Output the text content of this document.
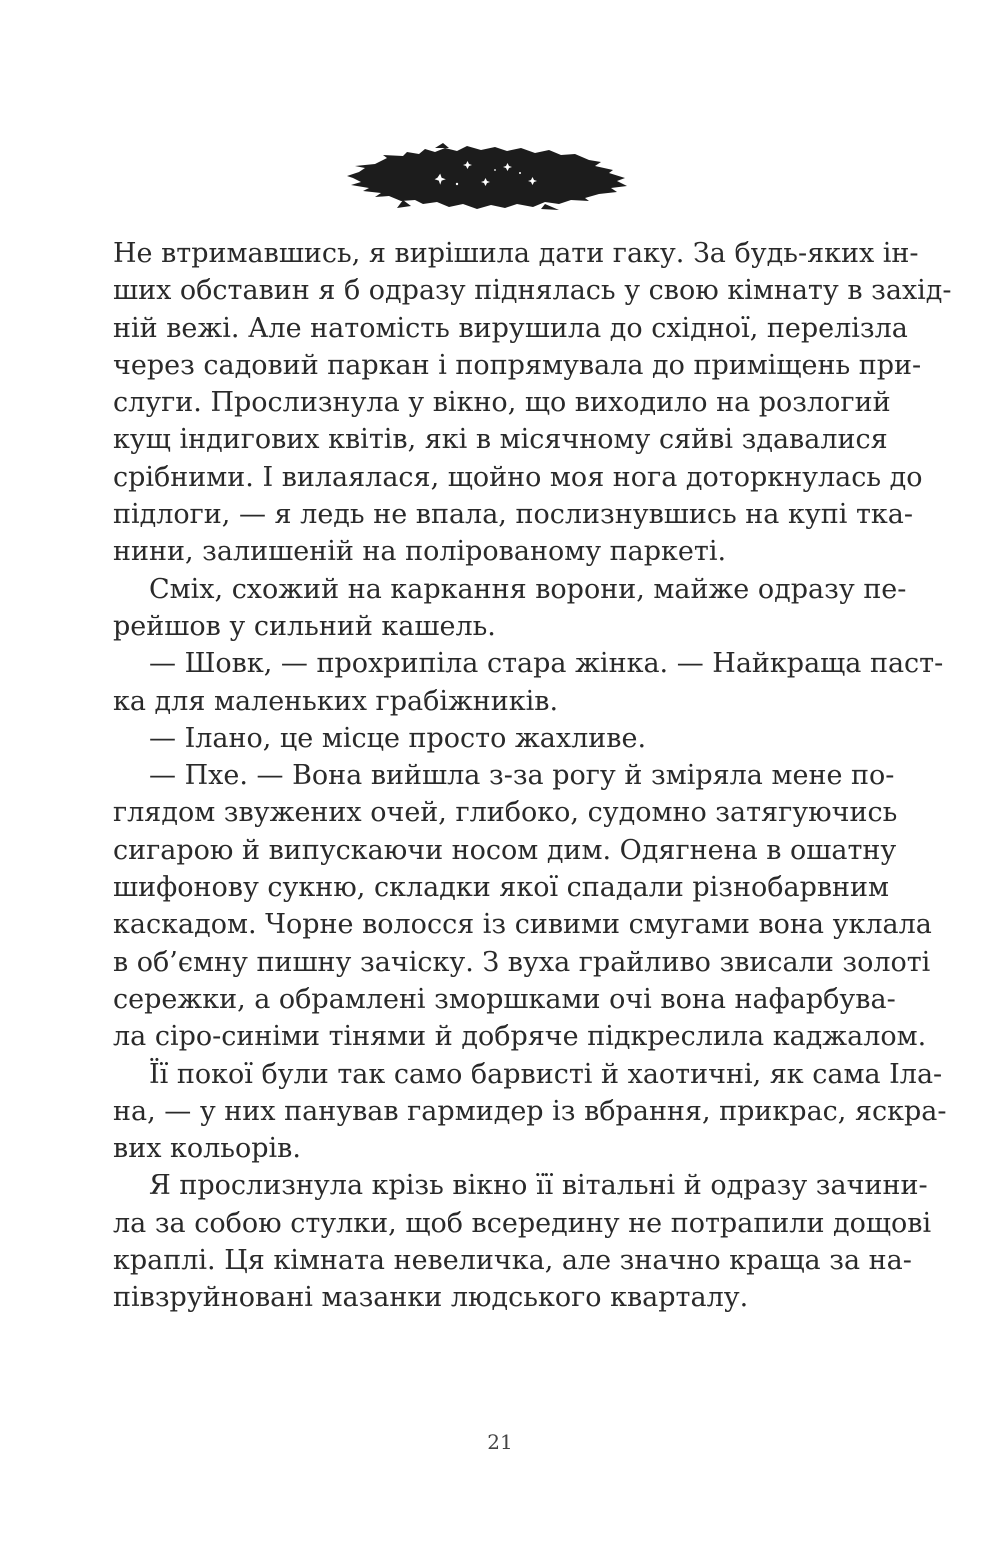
Не втримавшись, я вирішила дати гаку. За будь-яких ін-
ших обставин я б одразу піднялась у свою кімнату в захід-
ній вежі. Але натомість вирушила до східної, перелізла
через садовий паркан і попрямувала до приміщень при-
слуги. Прослизнула у вікно, що виходило на розлогий
кущ індигових квітів, які в місячному сяйві здавалися
срібними. І вилаялася, щойно моя нога доторкнулась до
підлоги, — я ледь не впала, послизнувшись на купі тка-
нини, залишеній на полірованому паркеті.
Сміх, схожий на каркання ворони, майже одразу пе-
рейшов у сильний кашель.
— Шовк, — прохрипіла стара жінка. — Найкраща паст-
ка для маленьких грабіжників.
— Ілано, це місце просто жахливе.
— Пхе. — Вона вийшла з-за рогу й зміряла мене по-
глядом звужених очей, глибоко, судомно затягуючись
сигарою й випускаючи носом дим. Одягнена в ошатну
шифонову сукню, складки якої спадали різнобарвним
каскадом. Чорне волосся із сивими смугами вона уклала
в об’ємну пишну зачіску. З вуха грайливо звисали золоті
сережки, а обрамлені зморшками очі вона нафарбува-
ла сіро-синіми тінями й добряче підкреслила каджалом.
Її покої були так само барвисті й хаотичні, як сама Іла-
на, — у них панував гармидер із вбрання, прикрас, яскра-
вих кольорів.
Я прослизнула крізь вікно її вітальні й одразу зачини-
ла за собою стулки, щоб всередину не потрапили дощові
краплі. Ця кімната невеличка, але значно краща за на-
півзруйновані мазанки людського кварталу.
21
